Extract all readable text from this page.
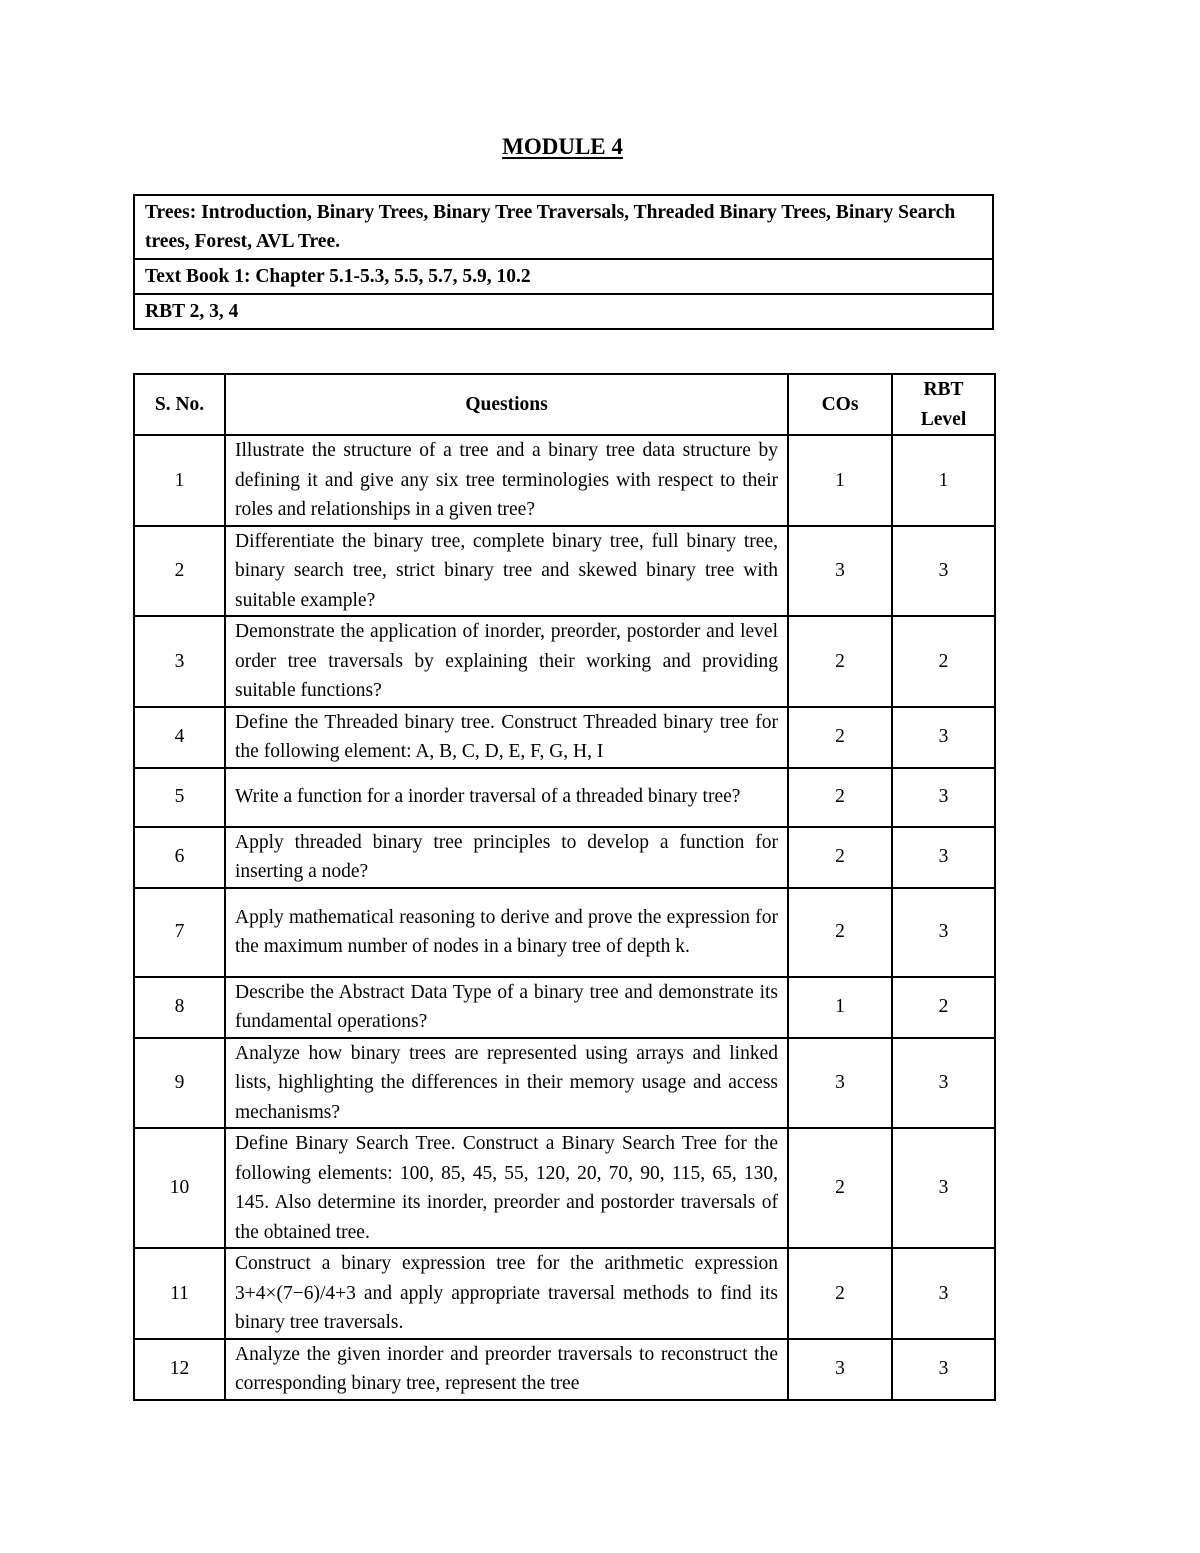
MODULE 4
Trees: Introduction, Binary Trees, Binary Tree Traversals, Threaded Binary Trees, Binary Search trees, Forest, AVL Tree.
Text Book 1: Chapter 5.1-5.3, 5.5, 5.7, 5.9, 10.2
RBT 2, 3, 4
S. No.	Questions	COs	RBT Level
1	Illustrate the structure of a tree and a binary tree data structure by defining it and give any six tree terminologies with respect to their roles and relationships in a given tree?	1	1
2	Differentiate the binary tree, complete binary tree, full binary tree, binary search tree, strict binary tree and skewed binary tree with suitable example?	3	3
3	Demonstrate the application of inorder, preorder, postorder and level order tree traversals by explaining their working and providing suitable functions?	2	2
4	Define the Threaded binary tree. Construct Threaded binary tree for the following element: A, B, C, D, E, F, G, H, I	2	3
5	Write a function for a inorder traversal of a threaded binary tree?	2	3
6	Apply threaded binary tree principles to develop a function for inserting a node?	2	3
7	Apply mathematical reasoning to derive and prove the expression for the maximum number of nodes in a binary tree of depth k.	2	3
8	Describe the Abstract Data Type of a binary tree and demonstrate its fundamental operations?	1	2
9	Analyze how binary trees are represented using arrays and linked lists, highlighting the differences in their memory usage and access mechanisms?	3	3
10	Define Binary Search Tree. Construct a Binary Search Tree for the following elements: 100, 85, 45, 55, 120, 20, 70, 90, 115, 65, 130, 145. Also determine its inorder, preorder and postorder traversals of the obtained tree.	2	3
11	Construct a binary expression tree for the arithmetic expression 3+4×(7−6)/4+3 and apply appropriate traversal methods to find its binary tree traversals.	2	3
12	Analyze the given inorder and preorder traversals to reconstruct the corresponding binary tree, represent the tree	3	3
